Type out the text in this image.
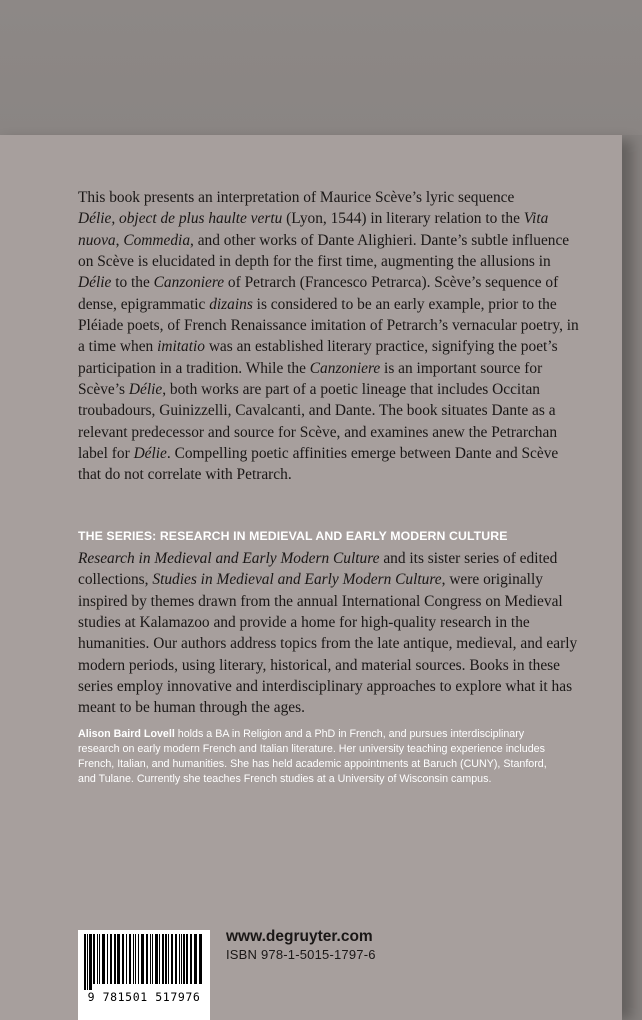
This book presents an interpretation of Maurice Scève’s lyric sequence
Délie, object de plus haulte vertu (Lyon, 1544) in literary relation to the Vita nuova, Commedia, and other works of Dante Alighieri. Dante’s subtle influence on Scève is elucidated in depth for the first time, augmenting the allusions in Délie to the Canzoniere of Petrarch (Francesco Petrarca). Scève’s sequence of dense, epigrammatic dizains is considered to be an early example, prior to the Pléiade poets, of French Renaissance imitation of Petrarch’s vernacular poetry, in a time when imitatio was an established literary practice, signifying the poet’s participation in a tradition. While the Canzoniere is an important source for Scève’s Délie, both works are part of a poetic lineage that includes Occitan troubadours, Guinizzelli, Cavalcanti, and Dante. The book situates Dante as a relevant predecessor and source for Scève, and examines anew the Petrarchan label for Délie. Compelling poetic affinities emerge between Dante and Scève that do not correlate with Petrarch.

THE SERIES: RESEARCH IN MEDIEVAL AND EARLY MODERN CULTURE

Research in Medieval and Early Modern Culture and its sister series of edited collections, Studies in Medieval and Early Modern Culture, were originally inspired by themes drawn from the annual International Congress on Medieval studies at Kalamazoo and provide a home for high-quality research in the humanities. Our authors address topics from the late antique, medieval, and early modern periods, using literary, historical, and material sources. Books in these series employ innovative and interdisciplinary approaches to explore what it has meant to be human through the ages.

Alison Baird Lovell holds a BA in Religion and a PhD in French, and pursues interdisciplinary research on early modern French and Italian literature. Her university teaching experience includes French, Italian, and humanities. She has held academic appointments at Baruch (CUNY), Stanford, and Tulane. Currently she teaches French studies at a University of Wisconsin campus.

9 781501 517976
www.degruyter.com
ISBN 978-1-5015-1797-6
